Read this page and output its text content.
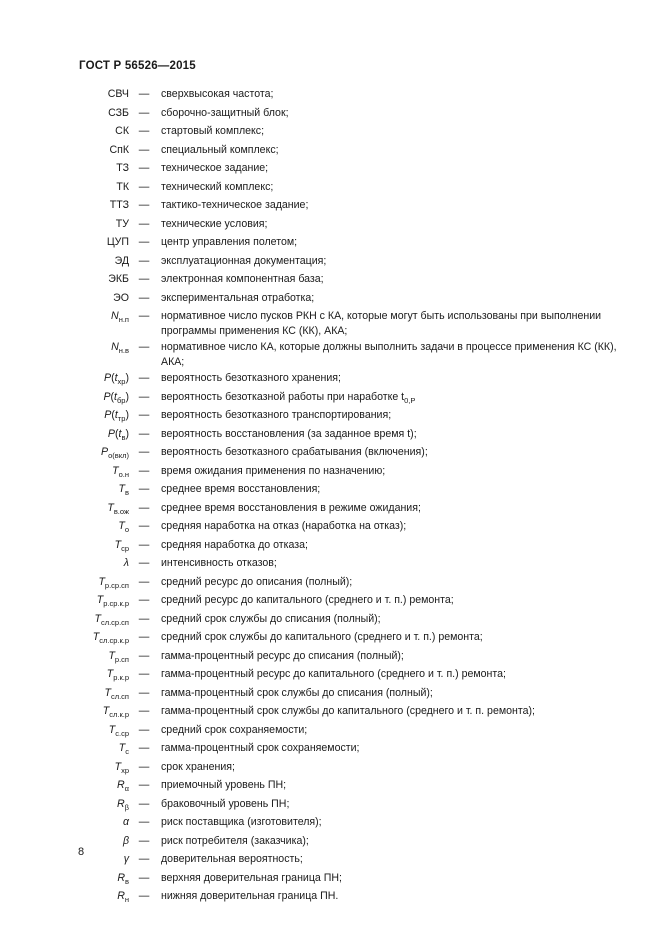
ГОСТ Р 56526—2015
СВЧ —	сверхвысокая частота;
СЗБ —	сборочно-защитный блок;
СК —	стартовый комплекс;
СпК —	специальный комплекс;
ТЗ —	техническое задание;
ТК —	технический комплекс;
ТТЗ —	тактико-техническое задание;
ТУ —	технические условия;
ЦУП —	центр управления полетом;
ЭД —	эксплуатационная документация;
ЭКБ —	электронная компонентная база;
ЭО —	экспериментальная отработка;
$N_{н.п}$ —	нормативное число пусков РКН с КА, которые могут быть использованы при выполнении программы применения КС (КК), АКА;
$N_{н.в}$ —	нормативное число КА, которые должны выполнить задачи в процессе применения КС (КК), АКА;
$P(t_{хр})$ —	вероятность безотказного хранения;
$P(t_{бр})$ —	вероятность безотказной работы при наработке $t_{0,Р}$
$P(t_{тр})$ —	вероятность безотказного транспортирования;
$P(t_в)$ —	вероятность восстановления (за заданное время t);
$P_{о(вкл)}$ —	вероятность безотказного срабатывания (включения);
$T_{о.н}$ —	время ожидания применения по назначению;
$T_в$ —	среднее время восстановления;
$T_{в.ож}$ —	среднее время восстановления в режиме ожидания;
$T_о$ —	средняя наработка на отказ (наработка на отказ);
$T_{ср}$ —	средняя наработка до отказа;
λ —	интенсивность отказов;
$T_{р.ср.сп}$ —	средний ресурс до описания (полный);
$T_{р.ср.к.р}$ —	средний ресурс до капитального (среднего и т. п.) ремонта;
$T_{сл.ср.сп}$ —	средний срок службы до списания (полный);
$T_{сл.ср.к.р}$ —	средний срок службы до капитального (среднего и т. п.) ремонта;
$T_{р.сп}$ —	гамма-процентный ресурс до списания (полный);
$T_{р.к.р}$ —	гамма-процентный ресурс до капитального (среднего и т. п.) ремонта;
$T_{сл.сп}$ —	гамма-процентный срок службы до списания (полный);
$T_{сл.к.р}$ —	гамма-процентный срок службы до капитального (среднего и т. п. ремонта);
$T_{с.ср}$ —	средний срок сохраняемости;
$T_с$ —	гамма-процентный срок сохраняемости;
$T_{хр}$ —	срок хранения;
$R_\alpha$ —	приемочный уровень ПН;
$R_\beta$ —	браковочный уровень ПН;
α —	риск поставщика (изготовителя);
β —	риск потребителя (заказчика);
γ —	доверительная вероятность;
$R_в$ —	верхняя доверительная граница ПН;
$R_н$ —	нижняя доверительная граница ПН.
8
